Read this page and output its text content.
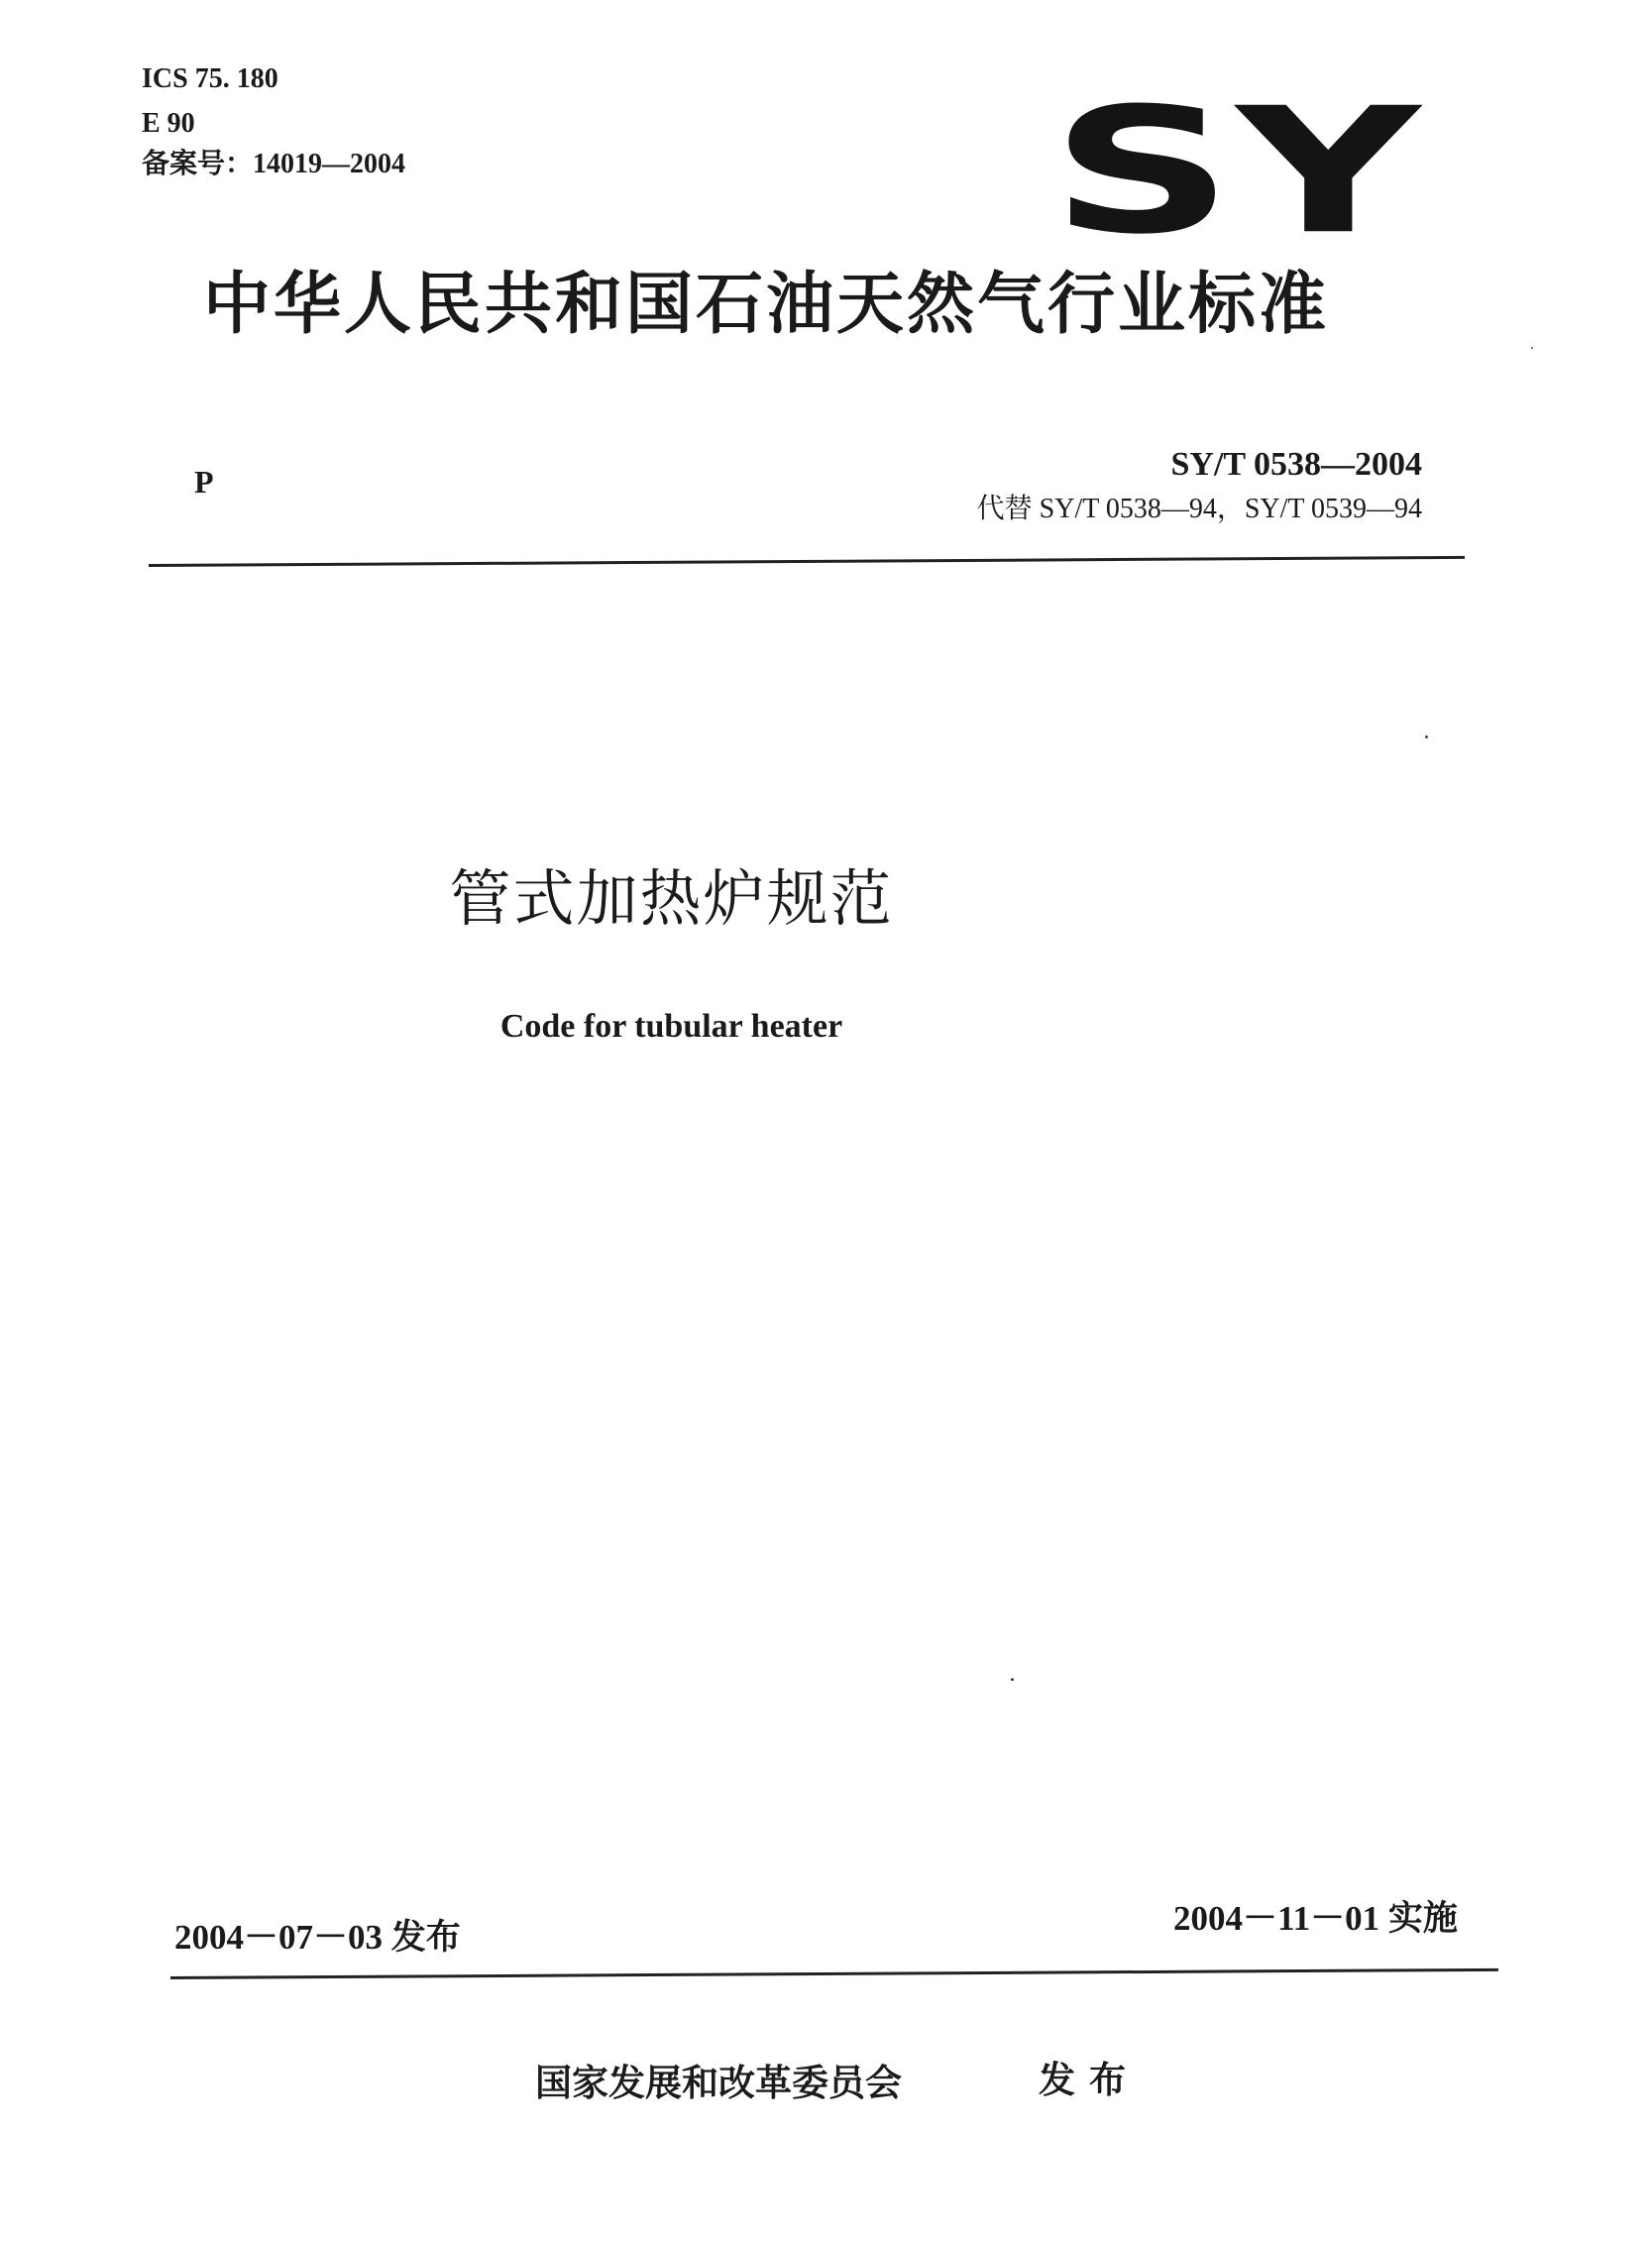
ICS 75. 180
E 90
备案号：14019—2004	SY
中华人民共和国石油天然气行业标准
P	SY/T 0538—2004
代替 SY/T 0538—94，SY/T 0539—94
管式加热炉规范
Code for tubular heater
2004－07－03 发布	2004－11－01 实施
国家发展和改革委员会	发布
